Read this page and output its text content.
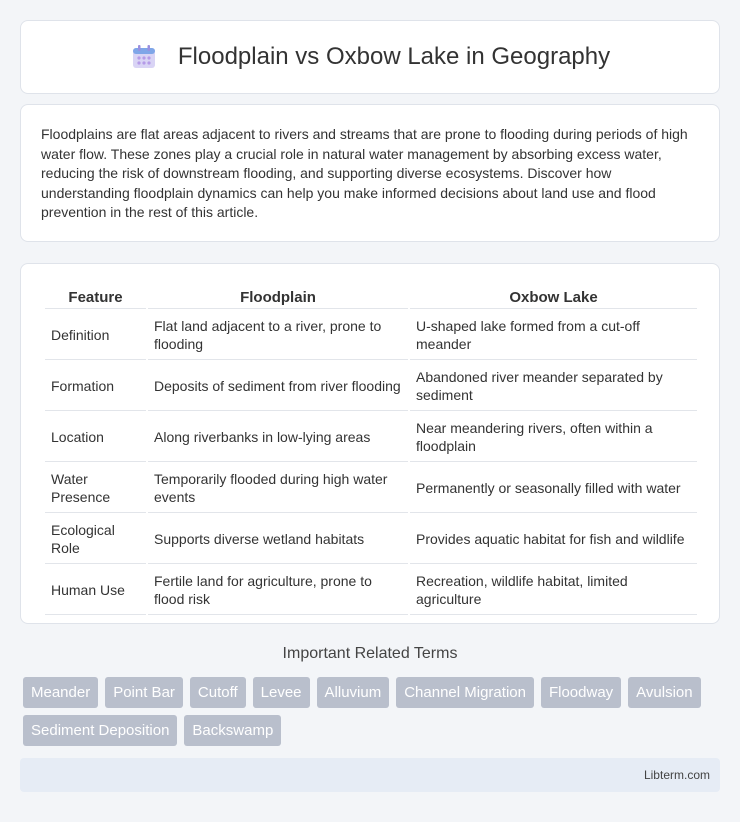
Floodplain vs Oxbow Lake in Geography

Floodplains are flat areas adjacent to rivers and streams that are prone to flooding during periods of high water flow. These zones play a crucial role in natural water management by absorbing excess water, reducing the risk of downstream flooding, and supporting diverse ecosystems. Discover how understanding floodplain dynamics can help you make informed decisions about land use and flood prevention in the rest of this article.

Feature	Floodplain	Oxbow Lake
Definition	Flat land adjacent to a river, prone to flooding	U-shaped lake formed from a cut-off meander
Formation	Deposits of sediment from river flooding	Abandoned river meander separated by sediment
Location	Along riverbanks in low-lying areas	Near meandering rivers, often within a floodplain
Water Presence	Temporarily flooded during high water events	Permanently or seasonally filled with water
Ecological Role	Supports diverse wetland habitats	Provides aquatic habitat for fish and wildlife
Human Use	Fertile land for agriculture, prone to flood risk	Recreation, wildlife habitat, limited agriculture
Important Related Terms
Meander	Point Bar	Cutoff	Levee	Alluvium	Channel Migration	Floodway	Avulsion
Sediment Deposition	Backswamp
Libterm.com
